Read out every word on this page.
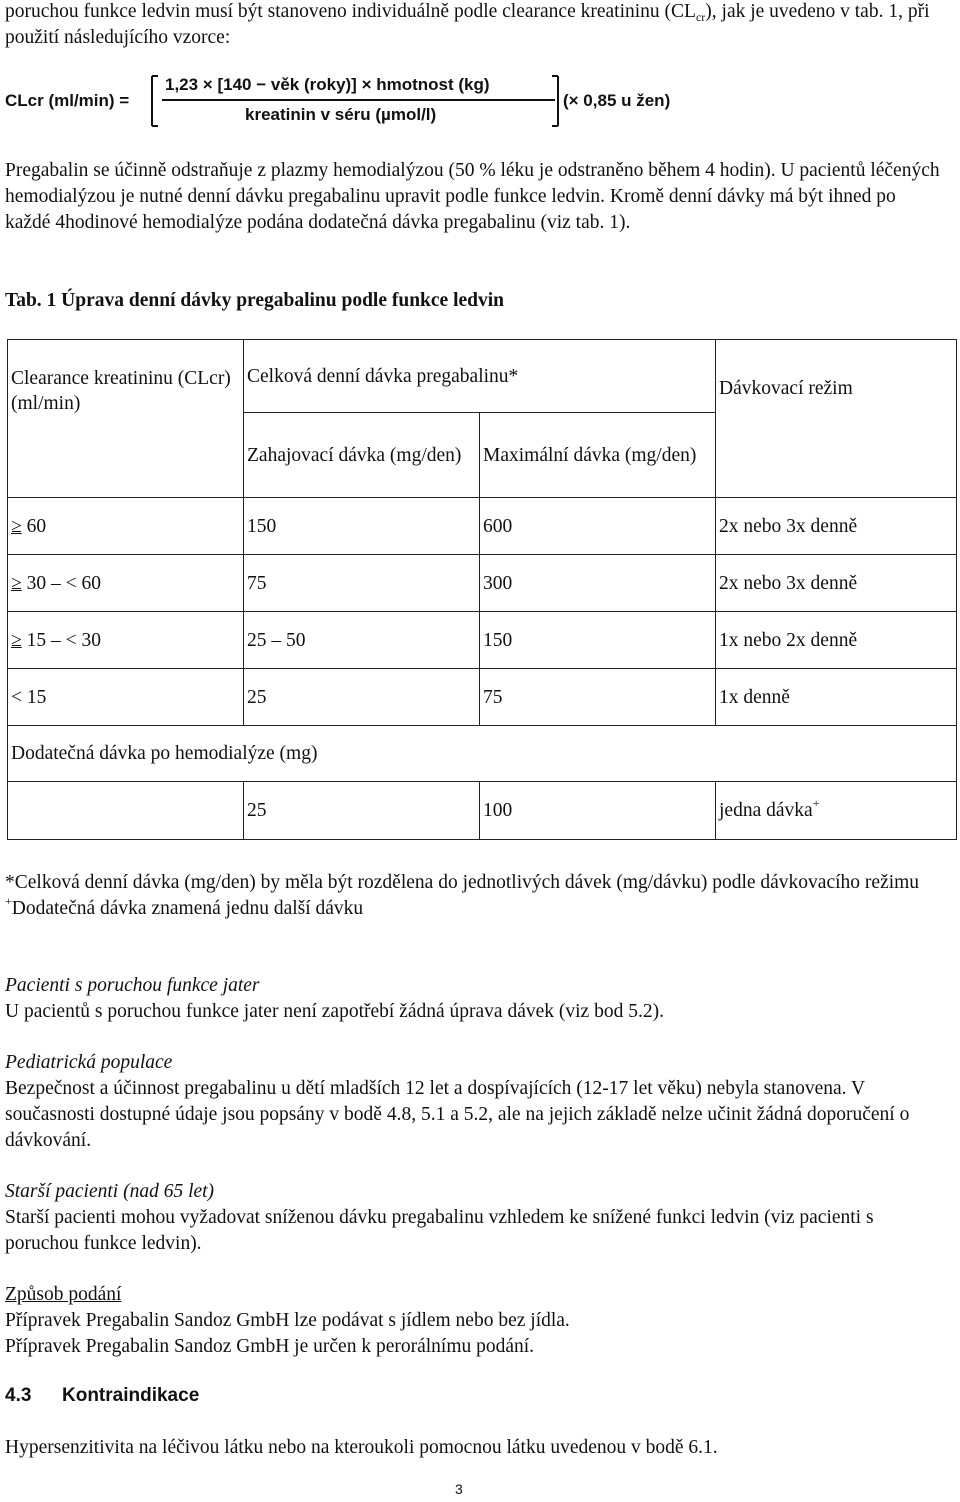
poruchou funkce ledvin musí být stanoveno individuálně podle clearance kreatininu $(CL_{cr})$, jak je uvedeno v tab. 1, při použití následujícího vzorce:

CLcr (ml/min) =
1,23 × [140 − věk (roky)] × hmotnost (kg)
kreatinin v séru (µmol/l)
(× 0,85 u žen)

Pregabalin se účinně odstraňuje z plazmy hemodialýzou (50 % léku je odstraněno během 4 hodin). U pacientů léčených hemodialýzou je nutné denní dávku pregabalinu upravit podle funkce ledvin. Kromě denní dávky má být ihned po každé 4hodinové hemodialýze podána dodatečná dávka pregabalinu (viz tab. 1).

Tab. 1 Úprava denní dávky pregabalinu podle funkce ledvin

Clearance kreatininu (CLcr) (ml/min)	Celková denní dávka pregabalinu*		Dávkovací režim
	Zahajovací dávka (mg/den)	Maximální dávka (mg/den)	
≥ 60	150	600	2x nebo 3x denně
≥ 30 – < 60	75	300	2x nebo 3x denně
≥ 15 – < 30	25 – 50	150	1x nebo 2x denně
< 15	25	75	1x denně
Dodatečná dávka po hemodialýze (mg)			
	25	100	jedna dávka+

*Celková denní dávka (mg/den) by měla být rozdělena do jednotlivých dávek (mg/dávku) podle dávkovacího režimu

+Dodatečná dávka znamená jednu další dávku

Pacienti s poruchou funkce jater

U pacientů s poruchou funkce jater není zapotřebí žádná úprava dávek (viz bod 5.2).

Pediatrická populace

Bezpečnost a účinnost pregabalinu u dětí mladších 12 let a dospívajících (12-17 let věku) nebyla stanovena. V současnosti dostupné údaje jsou popsány v bodě 4.8, 5.1 a 5.2, ale na jejich základě nelze učinit žádná doporučení o dávkování.

Starší pacienti (nad 65 let)

Starší pacienti mohou vyžadovat sníženou dávku pregabalinu vzhledem ke snížené funkci ledvin (viz pacienti s poruchou funkce ledvin).

Způsob podání

Přípravek Pregabalin Sandoz GmbH lze podávat s jídlem nebo bez jídla.

Přípravek Pregabalin Sandoz GmbH je určen k perorálnímu podání.

4.3 Kontraindikace

Hypersenzitivita na léčivou látku nebo na kteroukoli pomocnou látku uvedenou v bodě 6.1.

3
